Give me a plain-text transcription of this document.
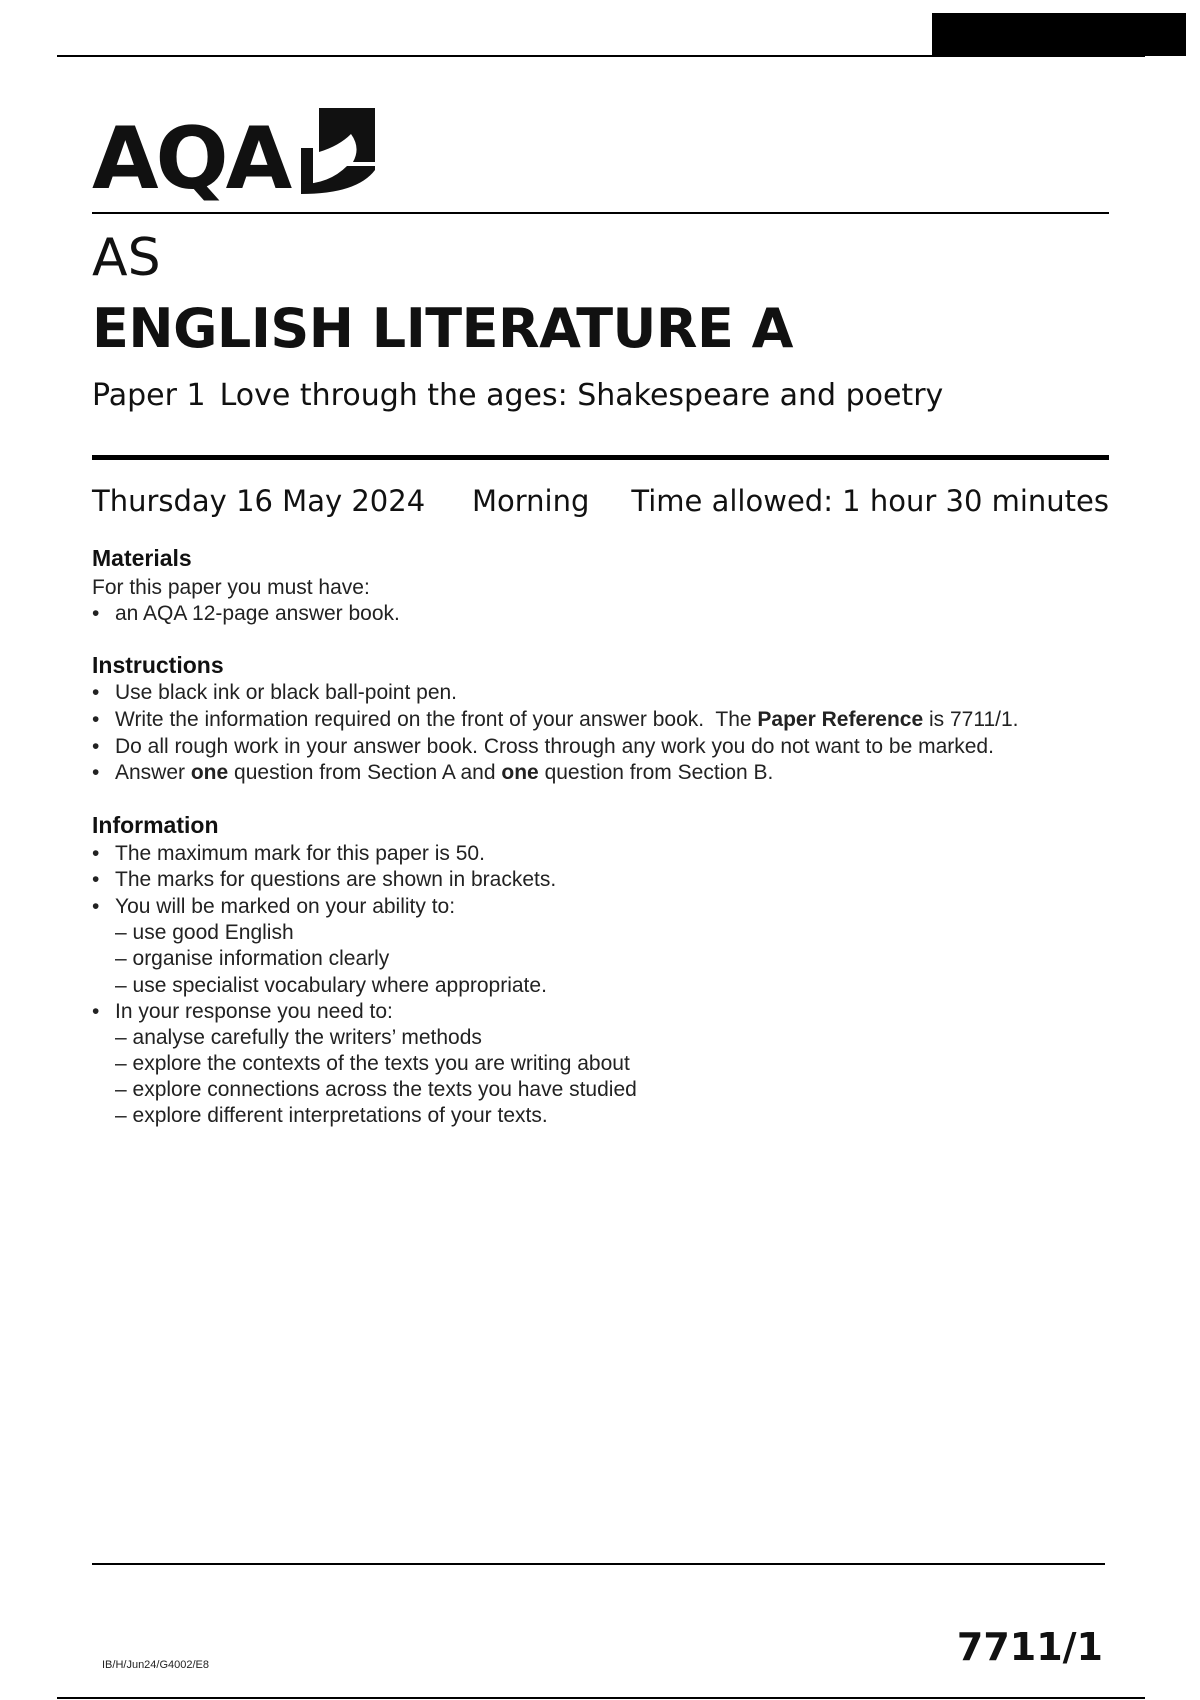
AQA
AS
ENGLISH LITERATURE A
Paper 1 Love through the ages: Shakespeare and poetry
Thursday 16 May 2024 Morning Time allowed: 1 hour 30 minutes
Materials
For this paper you must have:
• an AQA 12-page answer book.
Instructions
• Use black ink or black ball-point pen.
• Write the information required on the front of your answer book.  The Paper Reference is 7711/1.
• Do all rough work in your answer book. Cross through any work you do not want to be marked.
• Answer one question from Section A and one question from Section B.
Information
• The maximum mark for this paper is 50.
• The marks for questions are shown in brackets.
• You will be marked on your ability to:
– use good English
– organise information clearly
– use specialist vocabulary where appropriate.
• In your response you need to:
– analyse carefully the writers’ methods
– explore the contexts of the texts you are writing about
– explore connections across the texts you have studied
– explore different interpretations of your texts.
IB/H/Jun24/G4002/E8	7711/1
